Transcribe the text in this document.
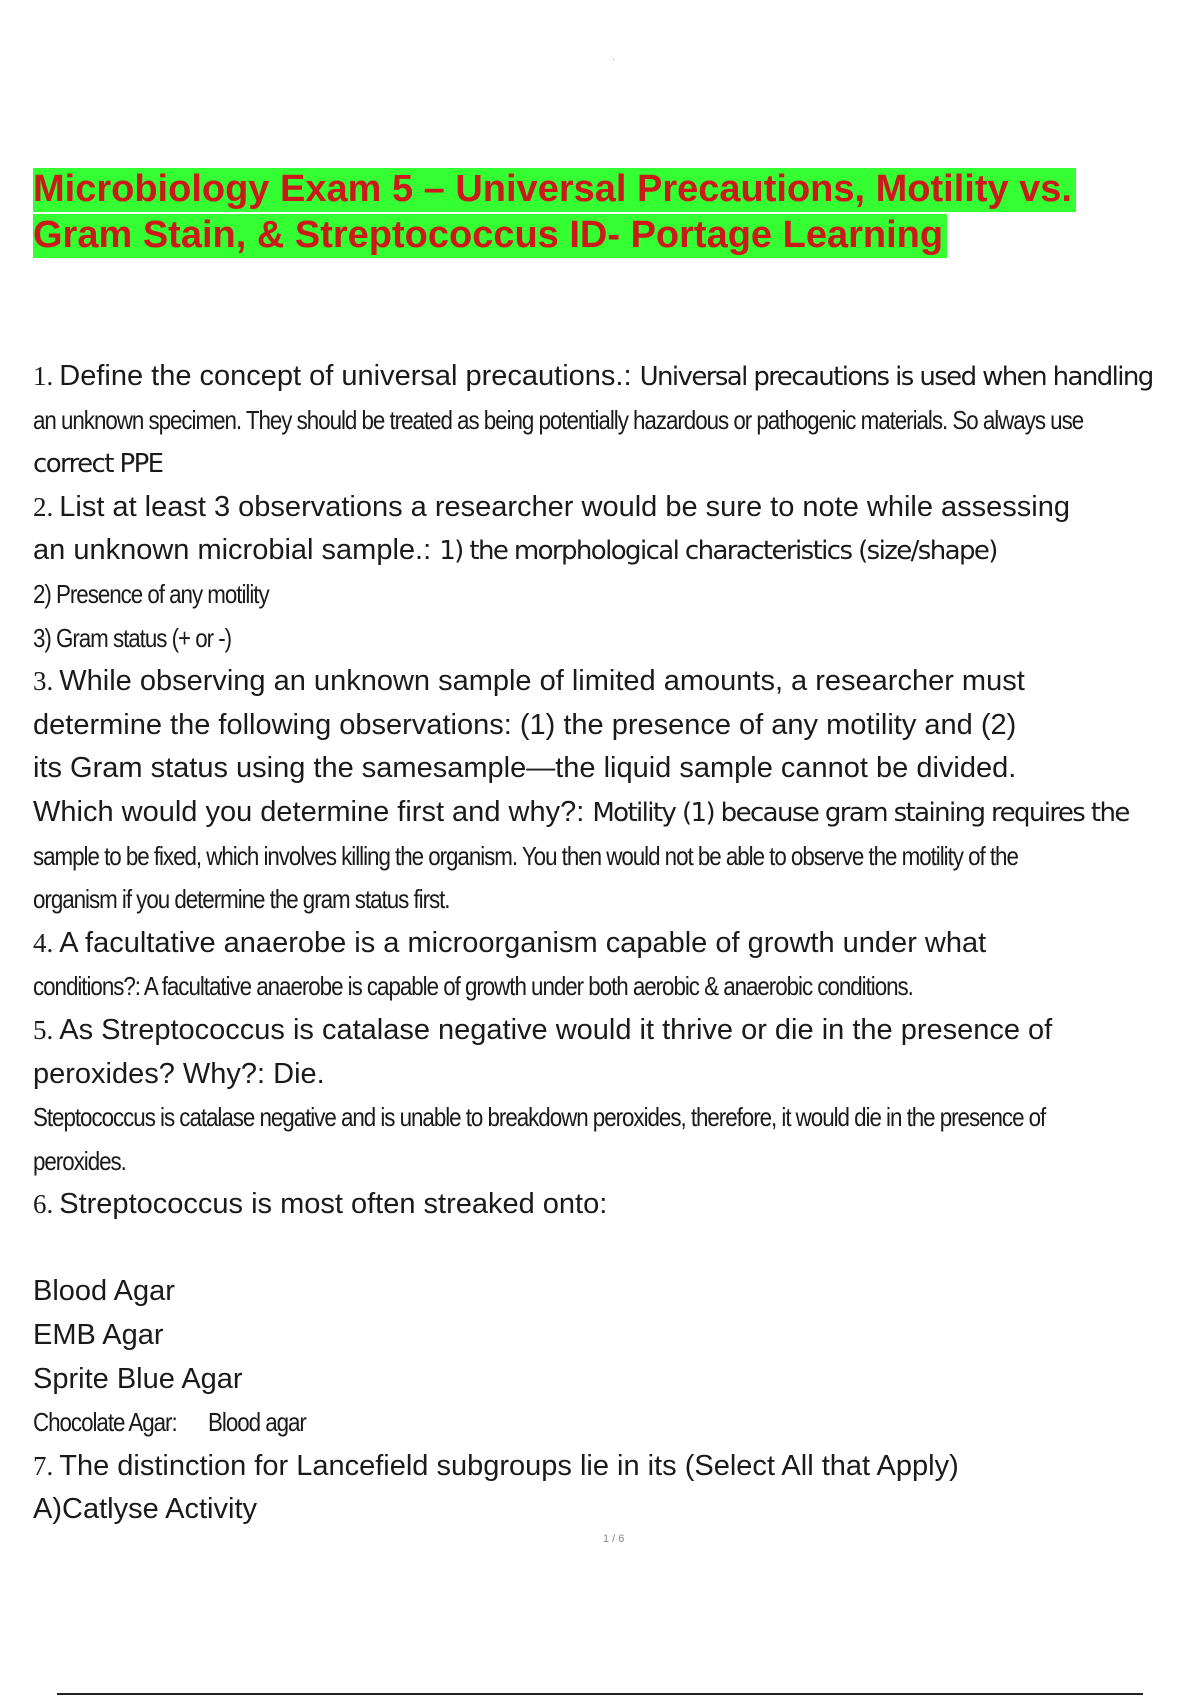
.
Microbiology Exam 5 – Universal Precautions, Motility vs.
Gram Stain, & Streptococcus ID- Portage Learning
1. Define the concept of universal precautions.: Universal precautions is used when handling
an unknown specimen. They should be treated as being potentially hazardous or pathogenic materials. So always use
correct PPE
2. List at least 3 observations a researcher would be sure to note while assessing
an unknown microbial sample.: 1) the morphological characteristics (size/shape)
2) Presence of any motility
3) Gram status (+ or -)
3. While observing an unknown sample of limited amounts, a researcher must
determine the following observations: (1) the presence of any motility and (2)
its Gram status using the samesample—the liquid sample cannot be divided.
Which would you determine first and why?: Motility (1) because gram staining requires the
sample to be fixed, which involves killing the organism. You then would not be able to observe the motility of the
organism if you determine the gram status first.
4. A facultative anaerobe is a microorganism capable of growth under what
conditions?: A facultative anaerobe is capable of growth under both aerobic & anaerobic conditions.
5. As Streptococcus is catalase negative would it thrive or die in the presence of
peroxides? Why?: Die.
Steptococcus is catalase negative and is unable to breakdown peroxides, therefore, it would die in the presence of
peroxides.
6. Streptococcus is most often streaked onto:
Blood Agar
EMB Agar
Sprite Blue Agar
Chocolate Agar: Blood agar
7. The distinction for Lancefield subgroups lie in its (Select All that Apply)
A)Catlyse Activity
1 / 6
